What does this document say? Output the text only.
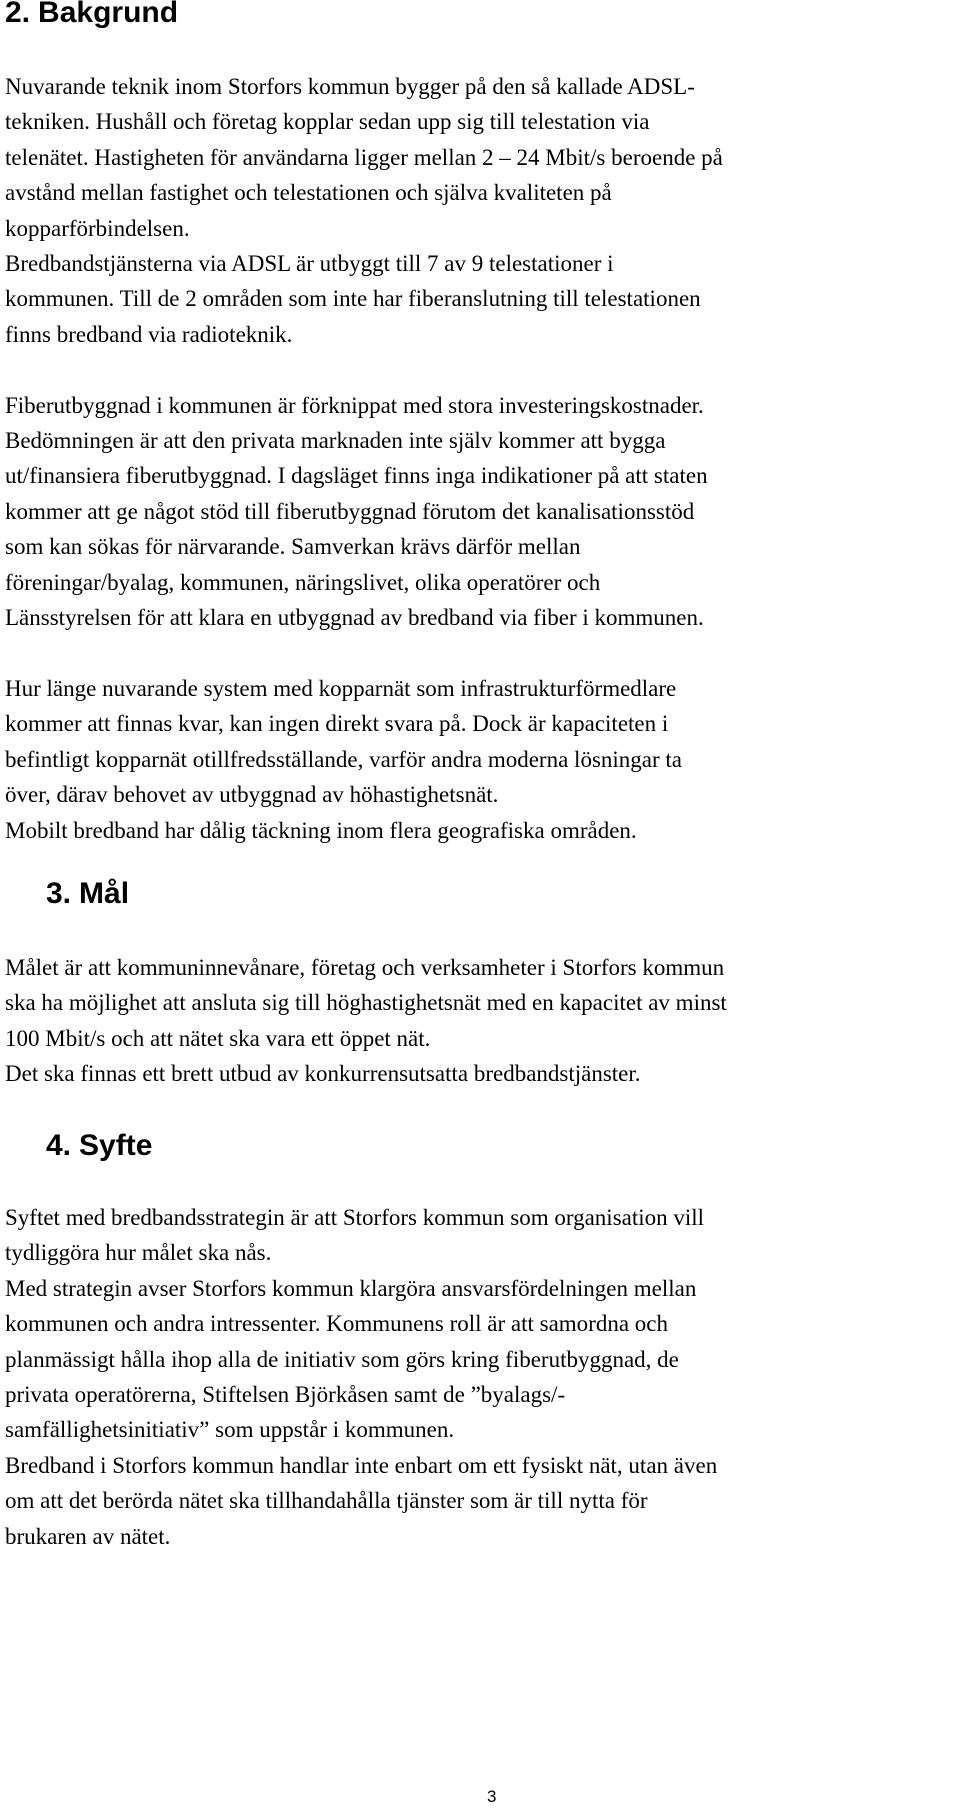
2. Bakgrund
Nuvarande teknik inom Storfors kommun bygger på den så kallade ADSL-
tekniken. Hushåll och företag kopplar sedan upp sig till telestation via
telenätet. Hastigheten för användarna ligger mellan 2 – 24 Mbit/s beroende på
avstånd mellan fastighet och telestationen och själva kvaliteten på
kopparförbindelsen.
Bredbandstjänsterna via ADSL är utbyggt till 7 av 9 telestationer i
kommunen. Till de 2 områden som inte har fiberanslutning till telestationen
finns bredband via radioteknik.

Fiberutbyggnad i kommunen är förknippat med stora investeringskostnader.
Bedömningen är att den privata marknaden inte själv kommer att bygga
ut/finansiera fiberutbyggnad. I dagsläget finns inga indikationer på att staten
kommer att ge något stöd till fiberutbyggnad förutom det kanalisationsstöd
som kan sökas för närvarande. Samverkan krävs därför mellan
föreningar/byalag, kommunen, näringslivet, olika operatörer och
Länsstyrelsen för att klara en utbyggnad av bredband via fiber i kommunen.

Hur länge nuvarande system med kopparnät som infrastrukturförmedlare
kommer att finnas kvar, kan ingen direkt svara på. Dock är kapaciteten i
befintligt kopparnät otillfredsställande, varför andra moderna lösningar ta
över, därav behovet av utbyggnad av höhastighetsnät.
Mobilt bredband har dålig täckning inom flera geografiska områden.
3. Mål
Målet är att kommuninnevånare, företag och verksamheter i Storfors kommun
ska ha möjlighet att ansluta sig till höghastighetsnät med en kapacitet av minst
100 Mbit/s och att nätet ska vara ett öppet nät.
Det ska finnas ett brett utbud av konkurrensutsatta bredbandstjänster.
4. Syfte
Syftet med bredbandsstrategin är att Storfors kommun som organisation vill
tydliggöra hur målet ska nås.
Med strategin avser Storfors kommun klargöra ansvarsfördelningen mellan
kommunen och andra intressenter. Kommunens roll är att samordna och
planmässigt hålla ihop alla de initiativ som görs kring fiberutbyggnad, de
privata operatörerna, Stiftelsen Björkåsen samt de ”byalags/-
samfällighetsinitiativ” som uppstår i kommunen.
Bredband i Storfors kommun handlar inte enbart om ett fysiskt nät, utan även
om att det berörda nätet ska tillhandahålla tjänster som är till nytta för
brukaren av nätet.
3
